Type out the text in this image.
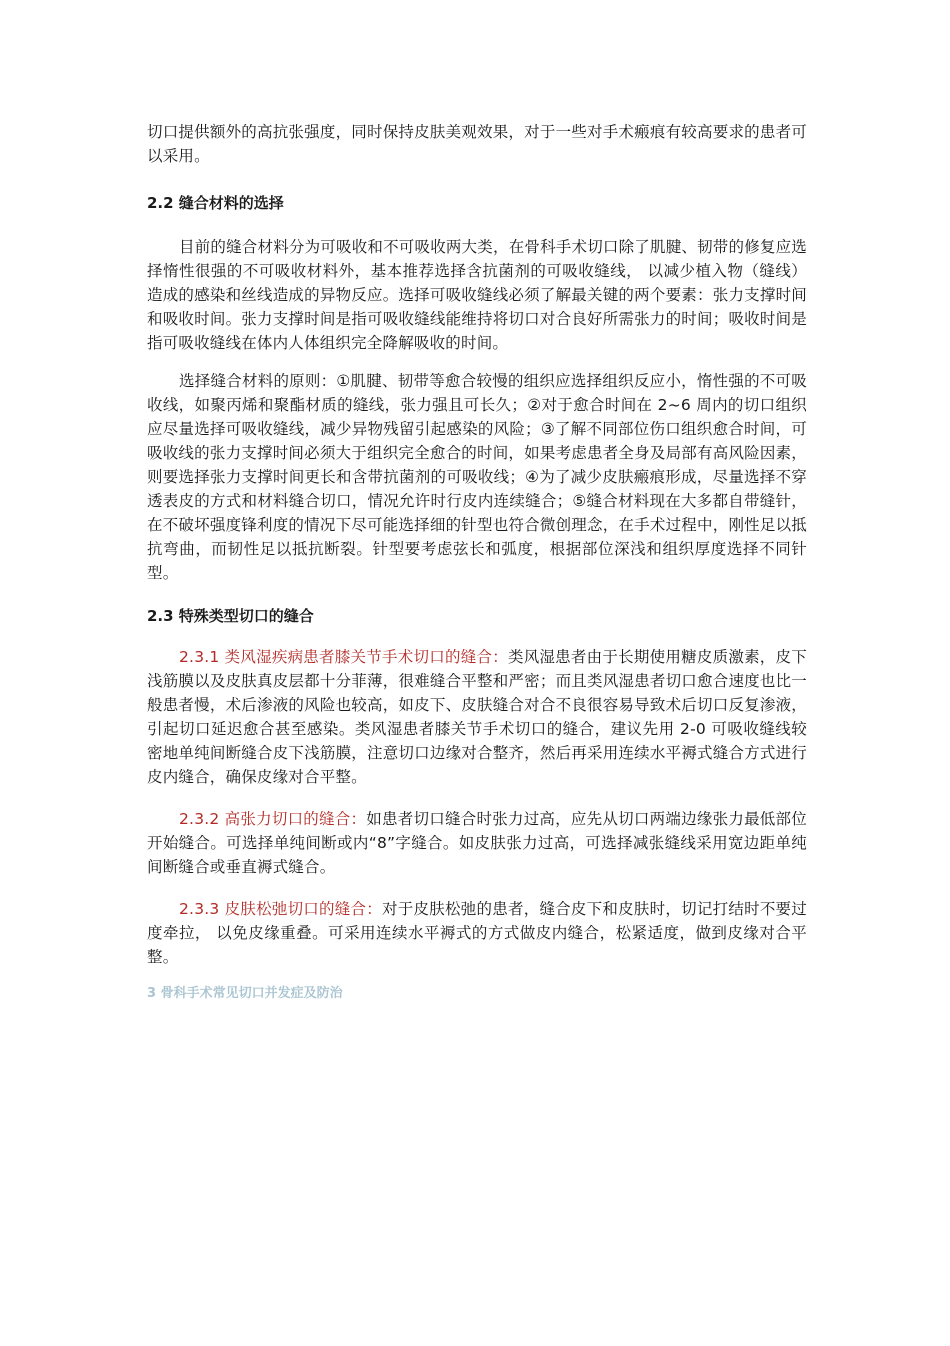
切口提供额外的高抗张强度，同时保持皮肤美观效果，对于一些对手术瘢痕有较高要求的患者可以采用。

2.2 缝合材料的选择

目前的缝合材料分为可吸收和不可吸收两大类，在骨科手术切口除了肌腱、韧带的修复应选择惰性很强的不可吸收材料外，基本推荐选择含抗菌剂的可吸收缝线， 以减少植入物（缝线）造成的感染和丝线造成的异物反应。选择可吸收缝线必须了解最关键的两个要素：张力支撑时间和吸收时间。张力支撑时间是指可吸收缝线能维持将切口对合良好所需张力的时间；吸收时间是指可吸收缝线在体内人体组织完全降解吸收的时间。

选择缝合材料的原则：①肌腱、韧带等愈合较慢的组织应选择组织反应小，惰性强的不可吸收线，如聚丙烯和聚酯材质的缝线，张力强且可长久；②对于愈合时间在 2~6 周内的切口组织应尽量选择可吸收缝线，减少异物残留引起感染的风险；③了解不同部位伤口组织愈合时间，可吸收线的张力支撑时间必须大于组织完全愈合的时间，如果考虑患者全身及局部有高风险因素，则要选择张力支撑时间更长和含带抗菌剂的可吸收线；④为了减少皮肤瘢痕形成，尽量选择不穿透表皮的方式和材料缝合切口，情况允许时行皮内连续缝合；⑤缝合材料现在大多都自带缝针，在不破坏强度锋利度的情况下尽可能选择细的针型也符合微创理念，在手术过程中，刚性足以抵抗弯曲，而韧性足以抵抗断裂。针型要考虑弦长和弧度，根据部位深浅和组织厚度选择不同针型。

2.3 特殊类型切口的缝合

2.3.1 类风湿疾病患者膝关节手术切口的缝合：类风湿患者由于长期使用糖皮质激素，皮下浅筋膜以及皮肤真皮层都十分菲薄，很难缝合平整和严密；而且类风湿患者切口愈合速度也比一般患者慢，术后渗液的风险也较高，如皮下、皮肤缝合对合不良很容易导致术后切口反复渗液，引起切口延迟愈合甚至感染。类风湿患者膝关节手术切口的缝合，建议先用 2-0 可吸收缝线较密地单纯间断缝合皮下浅筋膜，注意切口边缘对合整齐，然后再采用连续水平褥式缝合方式进行皮内缝合，确保皮缘对合平整。

2.3.2 高张力切口的缝合：如患者切口缝合时张力过高，应先从切口两端边缘张力最低部位开始缝合。可选择单纯间断或内“8”字缝合。如皮肤张力过高，可选择减张缝线采用宽边距单纯间断缝合或垂直褥式缝合。

2.3.3 皮肤松弛切口的缝合：对于皮肤松弛的患者，缝合皮下和皮肤时，切记打结时不要过度牵拉， 以免皮缘重叠。可采用连续水平褥式的方式做皮内缝合，松紧适度，做到皮缘对合平整。

3 骨科手术常见切口并发症及防治
